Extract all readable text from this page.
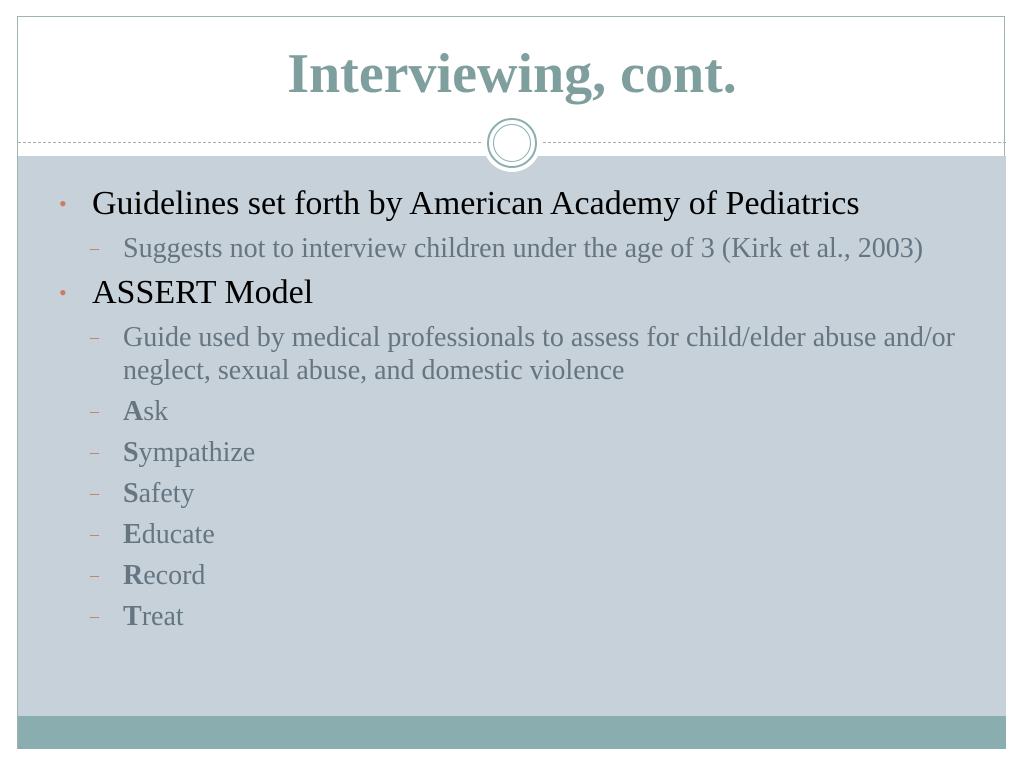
Interviewing, cont.
• Guidelines set forth by American Academy of Pediatrics
– Suggests not to interview children under the age of 3 (Kirk et al., 2003)
• ASSERT Model
– Guide used by medical professionals to assess for child/elder abuse and/or neglect, sexual abuse, and domestic violence
– Ask
– Sympathize
– Safety
– Educate
– Record
– Treat
